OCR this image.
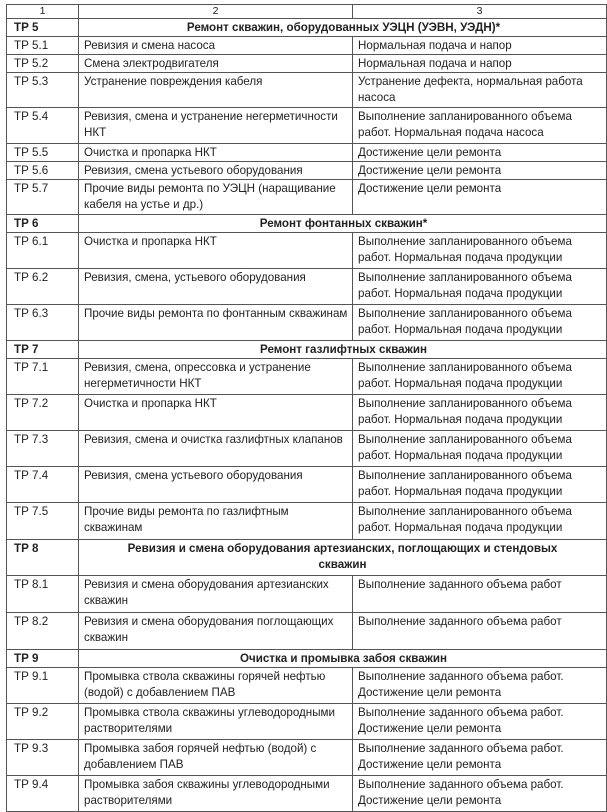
1	2	3
ТР 5	Ремонт скважин, оборудованных УЭЦН (УЭВН, УЭДН)*	
ТР 5.1	Ревизия и смена насоса	Нормальная подача и напор
ТР 5.2	Смена электродвигателя	Нормальная подача и напор
ТР 5.3	Устранение повреждения кабеля	Устранение дефекта, нормальная работа насоса
ТР 5.4	Ревизия, смена и устранение негерметичности НКТ	Выполнение запланированного объема работ. Нормальная подача насоса
ТР 5.5	Очистка и пропарка НКТ	Достижение цели ремонта
ТР 5.6	Ревизия, смена устьевого оборудования	Достижение цели ремонта
ТР 5.7	Прочие виды ремонта по УЭЦН (наращивание кабеля на устье и др.)	Достижение цели ремонта
ТР 6	Ремонт фонтанных скважин*	
ТР 6.1	Очистка и пропарка НКТ	Выполнение запланированного объема работ. Нормальная подача продукции
ТР 6.2	Ревизия, смена, устьевого оборудования	Выполнение запланированного объема работ. Нормальная подача продукции
ТР 6.3	Прочие виды ремонта по фонтанным скважинам	Выполнение запланированного объема работ. Нормальная подача продукции
ТР 7	Ремонт газлифтных скважин	
ТР 7.1	Ревизия, смена, опрессовка и устранение негерметичности НКТ	Выполнение запланированного объема работ. Нормальная подача продукции
ТР 7.2	Очистка и пропарка НКТ	Выполнение запланированного объема работ. Нормальная подача продукции
ТР 7.3	Ревизия, смена и очистка газлифтных клапанов	Выполнение запланированного объема работ. Нормальная подача продукции
ТР 7.4	Ревизия, смена устьевого оборудования	Выполнение запланированного объема работ. Нормальная подача продукции
ТР 7.5	Прочие виды ремонта по газлифтным скважинам	Выполнение запланированного объема работ. Нормальная подача продукции
ТР 8	Ревизия и смена оборудования артезианских, поглощающих и стендовых скважин	
ТР 8.1	Ревизия и смена оборудования артезианских скважин	Выполнение заданного объема работ
ТР 8.2	Ревизия и смена оборудования поглощающих скважин	Выполнение заданного объема работ
ТР 9	Очистка и промывка забоя скважин	
ТР 9.1	Промывка ствола скважины горячей нефтью (водой) с добавлением ПАВ	Выполнение заданного объема работ. Достижение цели ремонта
ТР 9.2	Промывка ствола скважины углеводородными растворителями	Выполнение заданного объема работ. Достижение цели ремонта
ТР 9.3	Промывка забоя горячей нефтью (водой) с добавлением ПАВ	Выполнение заданного объема работ. Достижение цели ремонта
ТР 9.4	Промывка забоя скважины углеводородными растворителями	Выполнение заданного объема работ. Достижение цели ремонта
